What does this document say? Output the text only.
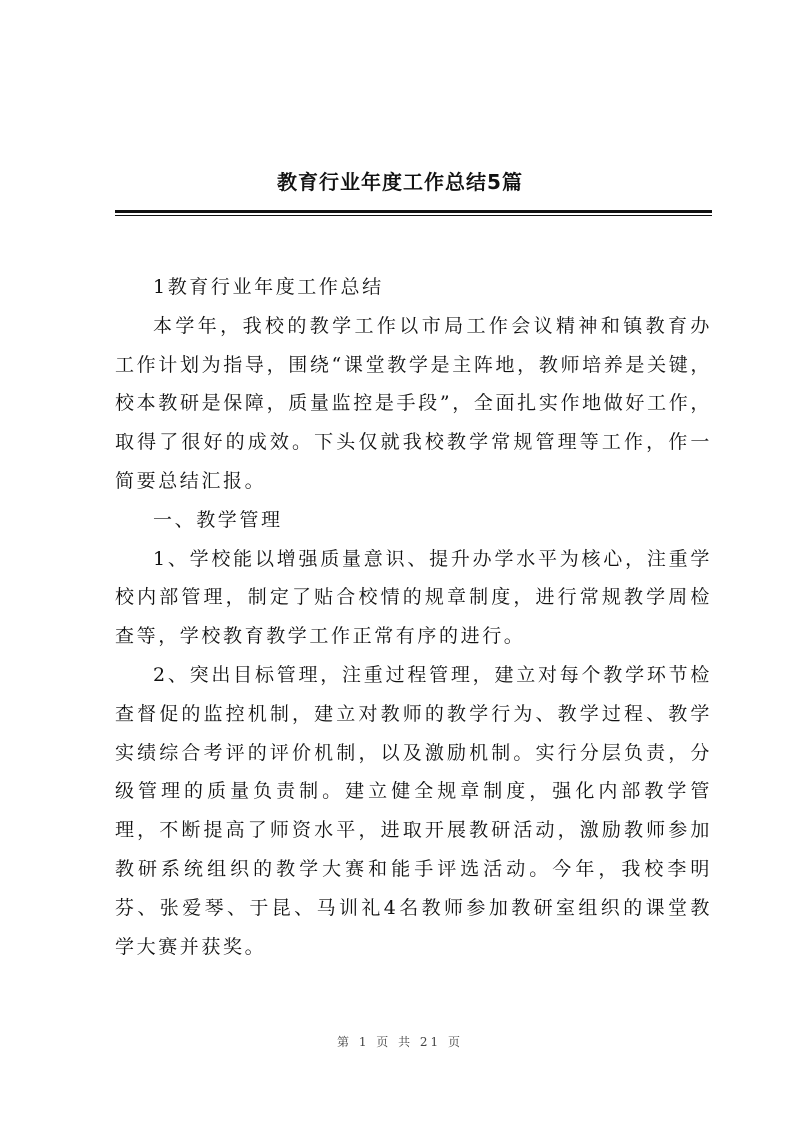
教育行业年度工作总结5篇

1教育行业年度工作总结

本学年，我校的教学工作以市局工作会议精神和镇教育办工作计划为指导，围绕“课堂教学是主阵地，教师培养是关键，校本教研是保障，质量监控是手段”，全面扎实作地做好工作，取得了很好的成效。下头仅就我校教学常规管理等工作，作一简要总结汇报。

一、教学管理

1、学校能以增强质量意识、提升办学水平为核心，注重学校内部管理，制定了贴合校情的规章制度，进行常规教学周检查等，学校教育教学工作正常有序的进行。

2、突出目标管理，注重过程管理，建立对每个教学环节检查督促的监控机制，建立对教师的教学行为、教学过程、教学实绩综合考评的评价机制，以及激励机制。实行分层负责，分级管理的质量负责制。建立健全规章制度，强化内部教学管理，不断提高了师资水平，进取开展教研活动，激励教师参加教研系统组织的教学大赛和能手评选活动。今年，我校李明芬、张爱琴、于昆、马训礼4名教师参加教研室组织的课堂教学大赛并获奖。

第 1 页 共 21 页
